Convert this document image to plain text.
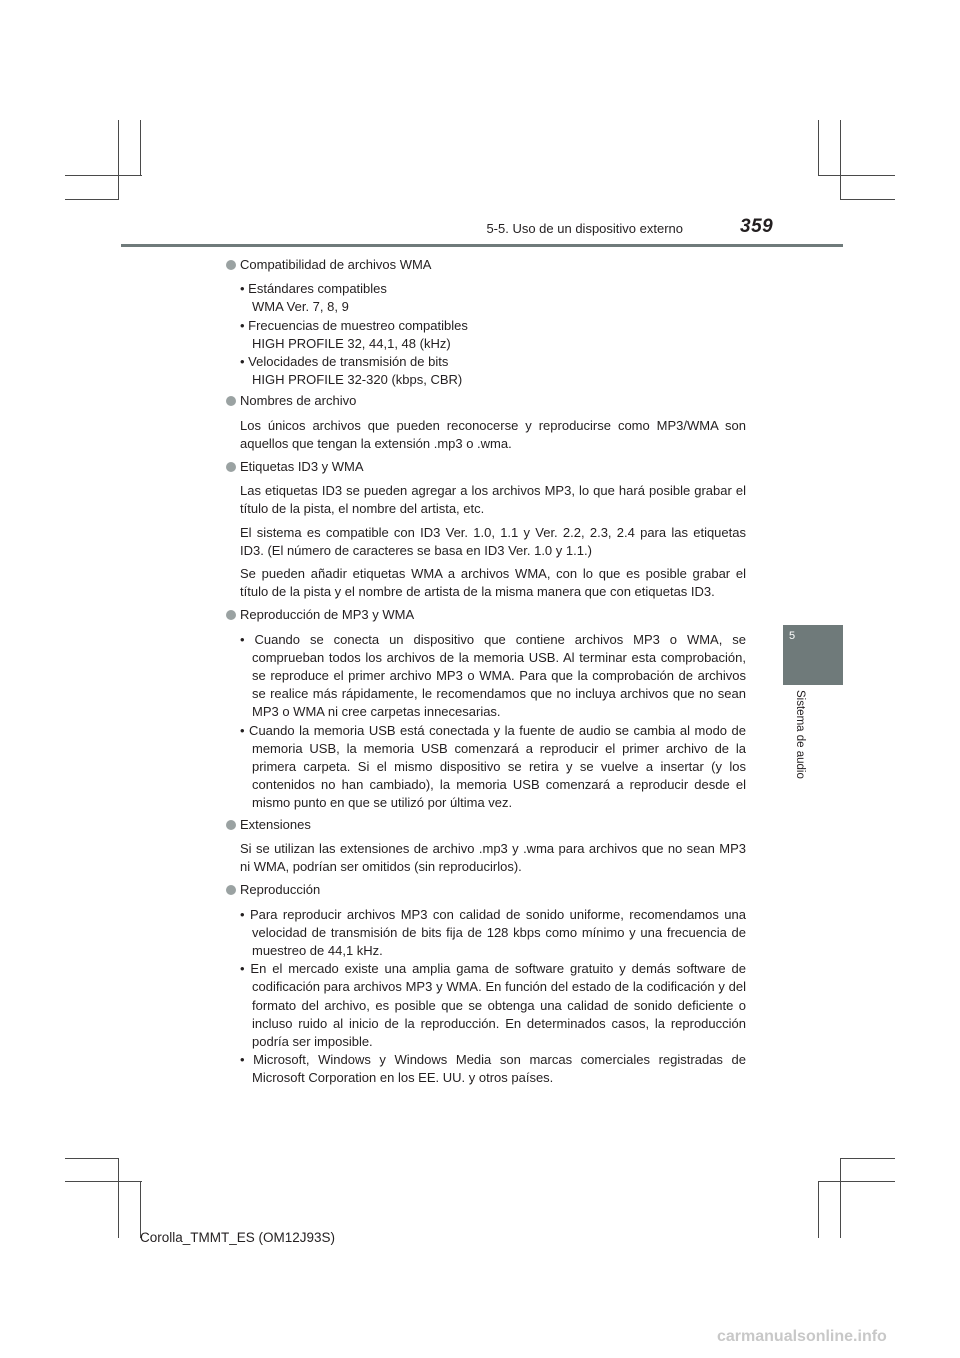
5-5. Uso de un dispositivo externo	359
5
Sistema de audio
Compatibilidad de archivos WMA
• Estándares compatibles
WMA Ver. 7, 8, 9
• Frecuencias de muestreo compatibles
HIGH PROFILE 32, 44,1, 48 (kHz)
• Velocidades de transmisión de bits
HIGH PROFILE 32-320 (kbps, CBR)
Nombres de archivo

Los únicos archivos que pueden reconocerse y reproducirse como MP3/WMA son aquellos que tengan la extensión .mp3 o .wma.

Etiquetas ID3 y WMA

Las etiquetas ID3 se pueden agregar a los archivos MP3, lo que hará posible grabar el título de la pista, el nombre del artista, etc.

El sistema es compatible con ID3 Ver. 1.0, 1.1 y Ver. 2.2, 2.3, 2.4 para las etiquetas ID3. (El número de caracteres se basa en ID3 Ver. 1.0 y 1.1.)

Se pueden añadir etiquetas WMA a archivos WMA, con lo que es posible grabar el título de la pista y el nombre de artista de la misma manera que con etiquetas ID3.

Reproducción de MP3 y WMA
• Cuando se conecta un dispositivo que contiene archivos MP3 o WMA, se comprueban todos los archivos de la memoria USB. Al terminar esta comprobación, se reproduce el primer archivo MP3 o WMA. Para que la comprobación de archivos se realice más rápidamente, le recomendamos que no incluya archivos que no sean MP3 o WMA ni cree carpetas innecesarias.
• Cuando la memoria USB está conectada y la fuente de audio se cambia al modo de memoria USB, la memoria USB comenzará a reproducir el primer archivo de la primera carpeta. Si el mismo dispositivo se retira y se vuelve a insertar (y los contenidos no han cambiado), la memoria USB comenzará a reproducir desde el mismo punto en que se utilizó por última vez.
Extensiones

Si se utilizan las extensiones de archivo .mp3 y .wma para archivos que no sean MP3 ni WMA, podrían ser omitidos (sin reproducirlos).

Reproducción
• Para reproducir archivos MP3 con calidad de sonido uniforme, recomendamos una velocidad de transmisión de bits fija de 128 kbps como mínimo y una frecuencia de muestreo de 44,1 kHz.
• En el mercado existe una amplia gama de software gratuito y demás software de codificación para archivos MP3 y WMA. En función del estado de la codificación y del formato del archivo, es posible que se obtenga una calidad de sonido deficiente o incluso ruido al inicio de la reproducción. En determinados casos, la reproducción podría ser imposible.
• Microsoft, Windows y Windows Media son marcas comerciales registradas de Microsoft Corporation en los EE. UU. y otros países.
Corolla_TMMT_ES (OM12J93S)
carmanualsonline.info
